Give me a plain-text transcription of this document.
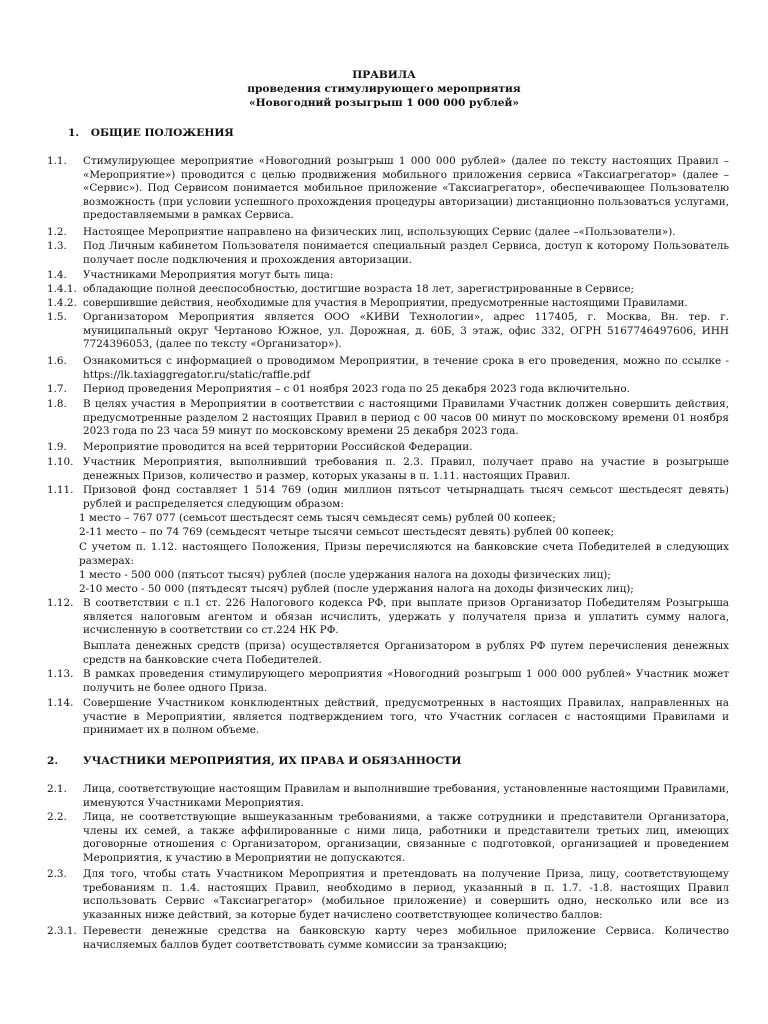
ПРАВИЛА
проведения стимулирующего мероприятия
«Новогодний розыгрыш 1 000 000 рублей»
1. ОБЩИЕ ПОЛОЖЕНИЯ
1.1. Стимулирующее мероприятие «Новогодний розыгрыш 1 000 000 рублей» (далее по тексту настоящих Правил – «Мероприятие») проводится с целью продвижения мобильного приложения сервиса «Таксиагрегатор» (далее – «Сервис»). Под Сервисом понимается мобильное приложение «Таксиагрегатор», обеспечивающее Пользователю возможность (при условии успешного прохождения процедуры авторизации) дистанционно пользоваться услугами, предоставляемыми в рамках Сервиса.
1.2. Настоящее Мероприятие направлено на физических лиц, использующих Сервис (далее –«Пользователи»).
1.3. Под Личным кабинетом Пользователя понимается специальный раздел Сервиса, доступ к которому Пользователь получает после подключения и прохождения авторизации.
1.4. Участниками Мероприятия могут быть лица:
1.4.1. обладающие полной дееспособностью, достигшие возраста 18 лет, зарегистрированные в Сервисе;
1.4.2. совершившие действия, необходимые для участия в Мероприятии, предусмотренные настоящими Правилами.
1.5. Организатором Мероприятия является ООО «КИВИ Технологии», адрес 117405, г. Москва, Вн. тер. г. муниципальный округ Чертаново Южное, ул. Дорожная, д. 60Б, 3 этаж, офис 332, ОГРН 5167746497606, ИНН 7724396053, (далее по тексту «Организатор»).
1.6. Ознакомиться с информацией о проводимом Мероприятии, в течение срока в его проведения, можно по ссылке - https://lk.taxiaggregator.ru/static/raffle.pdf
1.7. Период проведения Мероприятия – с 01 ноября 2023 года по 25 декабря 2023 года включительно.
1.8. В целях участия в Мероприятии в соответствии с настоящими Правилами Участник должен совершить действия, предусмотренные разделом 2 настоящих Правил в период с 00 часов 00 минут по московскому времени 01 ноября 2023 года по 23 часа 59 минут по московскому времени 25 декабря 2023 года.
1.9. Мероприятие проводится на всей территории Российской Федерации.
1.10. Участник Мероприятия, выполнивший требования п. 2.3. Правил, получает право на участие в розыгрыше денежных Призов, количество и размер, которых указаны в п. 1.11. настоящих Правил.
1.11. Призовой фонд составляет 1 514 769 (один миллион пятьсот четырнадцать тысяч семьсот шестьдесят девять) рублей и распределяется следующим образом:
1 место – 767 077 (семьсот шестьдесят семь тысяч семьдесят семь) рублей 00 копеек;
2-11 место – по 74 769 (семьдесят четыре тысячи семьсот шестьдесят девять) рублей 00 копеек;
С учетом п. 1.12. настоящего Положения, Призы перечисляются на банковские счета Победителей в следующих размерах:
1 место - 500 000 (пятьсот тысяч) рублей (после удержания налога на доходы физических лиц);
2-10 место - 50 000 (пятьдесят тысяч) рублей (после удержания налога на доходы физических лиц);
1.12. В соответствии с п.1 ст. 226 Налогового кодекса РФ, при выплате призов Организатор Победителям Розыгрыша является налоговым агентом и обязан исчислить, удержать у получателя приза и уплатить сумму налога, исчисленную в соответствии со ст.224 НК РФ.
Выплата денежных средств (приза) осуществляется Организатором в рублях РФ путем перечисления денежных средств на банковские счета Победителей.
1.13. В рамках проведения стимулирующего мероприятия «Новогодний розыгрыш 1 000 000 рублей» Участник может получить не более одного Приза.
1.14. Совершение Участником конклюдентных действий, предусмотренных в настоящих Правилах, направленных на участие в Мероприятии, является подтверждением того, что Участник согласен с настоящими Правилами и принимает их в полном объеме.
2. УЧАСТНИКИ МЕРОПРИЯТИЯ, ИХ ПРАВА И ОБЯЗАННОСТИ
2.1. Лица, соответствующие настоящим Правилам и выполнившие требования, установленные настоящими Правилами, именуются Участниками Мероприятия.
2.2. Лица, не соответствующие вышеуказанным требованиями, а также сотрудники и представители Организатора, члены их семей, а также аффилированные с ними лица, работники и представители третьих лиц, имеющих договорные отношения с Организатором, организации, связанные с подготовкой, организацией и проведением Мероприятия, к участию в Мероприятии не допускаются.
2.3. Для того, чтобы стать Участником Мероприятия и претендовать на получение Приза, лицу, соответствующему требованиям п. 1.4. настоящих Правил, необходимо в период, указанный в п. 1.7. -1.8. настоящих Правил использовать Сервис «Таксиагрегатор» (мобильное приложение) и совершить одно, несколько или все из указанных ниже действий, за которые будет начислено соответствующее количество баллов:
2.3.1. Перевести денежные средства на банковскую карту через мобильное приложение Сервиса. Количество начисляемых баллов будет соответствовать сумме комиссии за транзакцию;
